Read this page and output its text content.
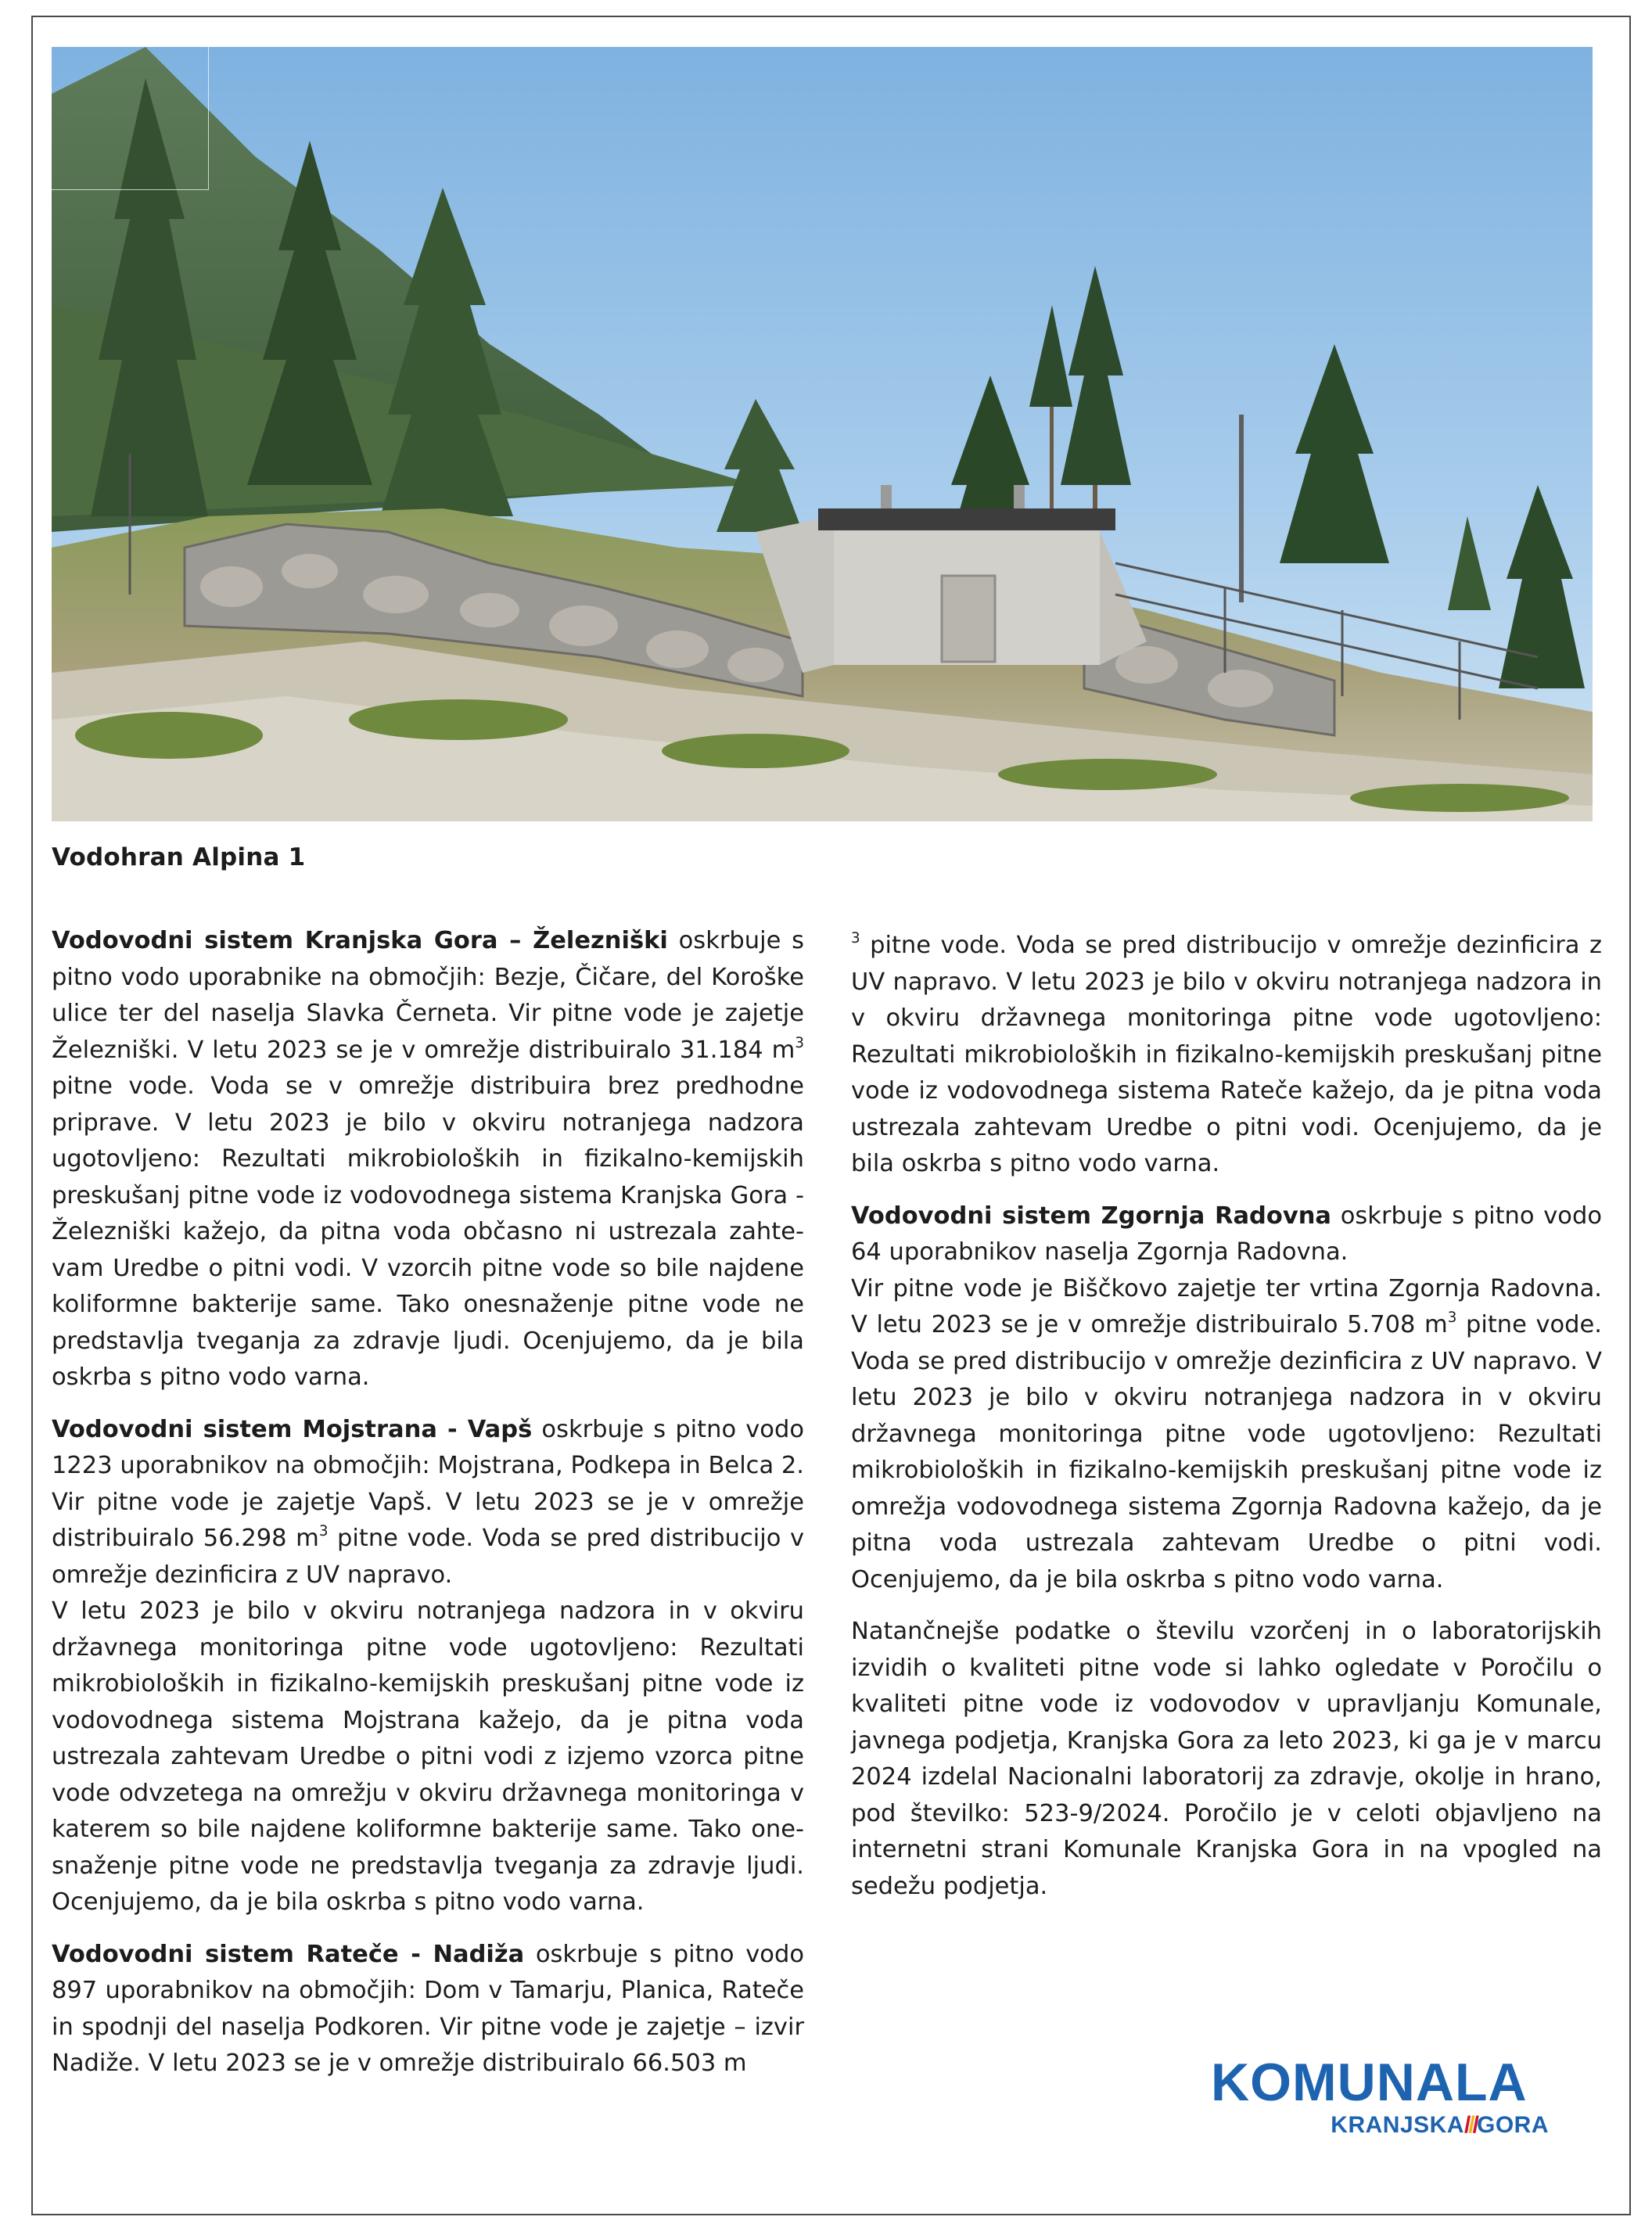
Vodohran Alpina 1

Vodovodni sistem Kranjska Gora – Železniški oskrbuje s pitno vodo uporabnike na območjih: Bezje, Čičare, del Koroške ulice ter del naselja Slavka Černeta. Vir pitne vode je zajetje Železniški. V letu 2023 se je v omrežje distribuiralo 31.184 $m^3$ pitne vode. Voda se v omrežje distribuira brez predhodne priprave. V letu 2023 je bilo v okviru notranjega nadzora ugotovljeno: Rezultati mikrobioloških in fizikalno-kemijskih preskušanj pitne vode iz vodovodnega sistema Kranjska Gora - Železniški kažejo, da pitna voda občasno ni ustrezala zahtevam Uredbe o pitni vodi. V vzorcih pitne vode so bile najdene koliformne bakterije same. Tako onesnaženje pitne vode ne predstavlja tveganja za zdravje ljudi. Ocenjujemo, da je bila oskrba s pitno vodo varna.

Vodovodni sistem Mojstrana - Vapš oskrbuje s pitno vodo 1223 uporabnikov na območjih: Mojstrana, Podkepa in Belca 2. Vir pitne vode je zajetje Vapš. V letu 2023 se je v omrežje distribuiralo 56.298 $m^3$ pitne vode. Voda se pred distribucijo v omrežje dezinficira z UV napravo.

V letu 2023 je bilo v okviru notranjega nadzora in v okviru državnega monitoringa pitne vode ugotovljeno: Rezultati mikrobioloških in fizikalno-kemijskih preskušanj pitne vode iz vodovodnega sistema Mojstrana kažejo, da je pitna voda ustrezala zahtevam Uredbe o pitni vodi z izjemo vzorca pitne vode odvzetega na omrežju v okviru državnega monitoringa v katerem so bile najdene koliformne bakterije same. Tako onesnaženje pitne vode ne predstavlja tveganja za zdravje ljudi. Ocenjujemo, da je bila oskrba s pitno vodo varna.

Vodovodni sistem Rateče - Nadiža oskrbuje s pitno vodo 897 uporabnikov na območjih: Dom v Tamarju, Planica, Rateče in spodnji del naselja Podkoren. Vir pitne vode je zajetje – izvir Nadiže. V letu 2023 se je v omrežje distribuiralo 66.503 m

$^3$ pitne vode. Voda se pred distribucijo v omrežje dezinficira z UV napravo. V letu 2023 je bilo v okviru notranjega nadzora in v okviru državnega monitoringa pitne vode ugotovljeno: Rezultati mikrobioloških in fizikalno-kemijskih preskušanj pitne vode iz vodovodnega sistema Rateče kažejo, da je pitna voda ustrezala zahtevam Uredbe o pitni vodi. Ocenjujemo, da je bila oskrba s pitno vodo varna.

Vodovodni sistem Zgornja Radovna oskrbuje s pitno vodo 64 uporabnikov naselja Zgornja Radovna.

Vir pitne vode je Biščkovo zajetje ter vrtina Zgornja Radovna. V letu 2023 se je v omrežje distribuiralo 5.708 $m^3$ pitne vode. Voda se pred distribucijo v omrežje dezinficira z UV napravo. V letu 2023 je bilo v okviru notranjega nadzora in v okviru državnega monitoringa pitne vode ugotovljeno: Rezultati mikrobioloških in fizikalno-kemijskih preskušanj pitne vode iz omrežja vodovodnega sistema Zgornja Radovna kažejo, da je pitna voda ustrezala zahtevam Uredbe o pitni vodi. Ocenjujemo, da je bila oskrba s pitno vodo varna.

Natančnejše podatke o številu vzorčenj in o laboratorijskih izvidih o kvaliteti pitne vode si lahko ogledate v Poročilu o kvaliteti pitne vode iz vodovodov v upravljanju Komunale, javnega podjetja, Kranjska Gora za leto 2023, ki ga je v marcu 2024 izdelal Nacionalni laboratorij za zdravje, okolje in hrano, pod številko: 523-9/2024. Poročilo je v celoti objavljeno na internetni strani Komunale Kranjska Gora in na vpogled na sedežu podjetja.

KOMUNALA
KRANJSKA///GORA
